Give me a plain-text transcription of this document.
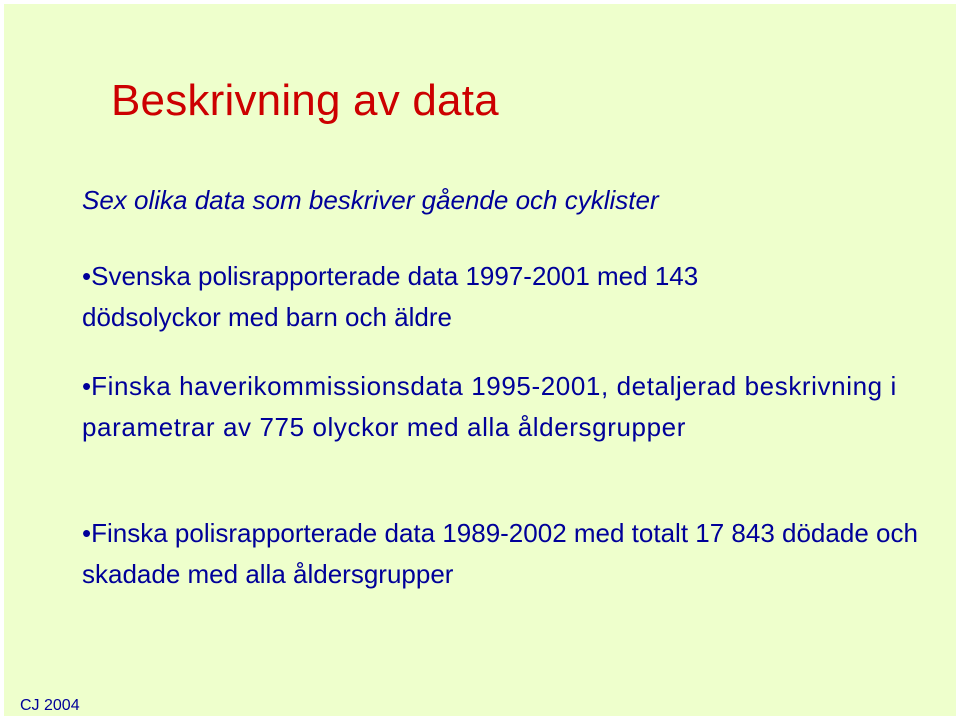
Beskrivning av data

Sex olika data som beskriver gående och cyklister

•Svenska polisrapporterade data 1997-2001 med 143 dödsolyckor med barn och äldre

•Finska haverikommissionsdata 1995-2001, detaljerad beskrivning i parametrar av 775 olyckor med alla åldersgrupper

•Finska polisrapporterade data 1989-2002 med totalt 17 843 dödade och skadade med alla åldersgrupper

CJ 2004
